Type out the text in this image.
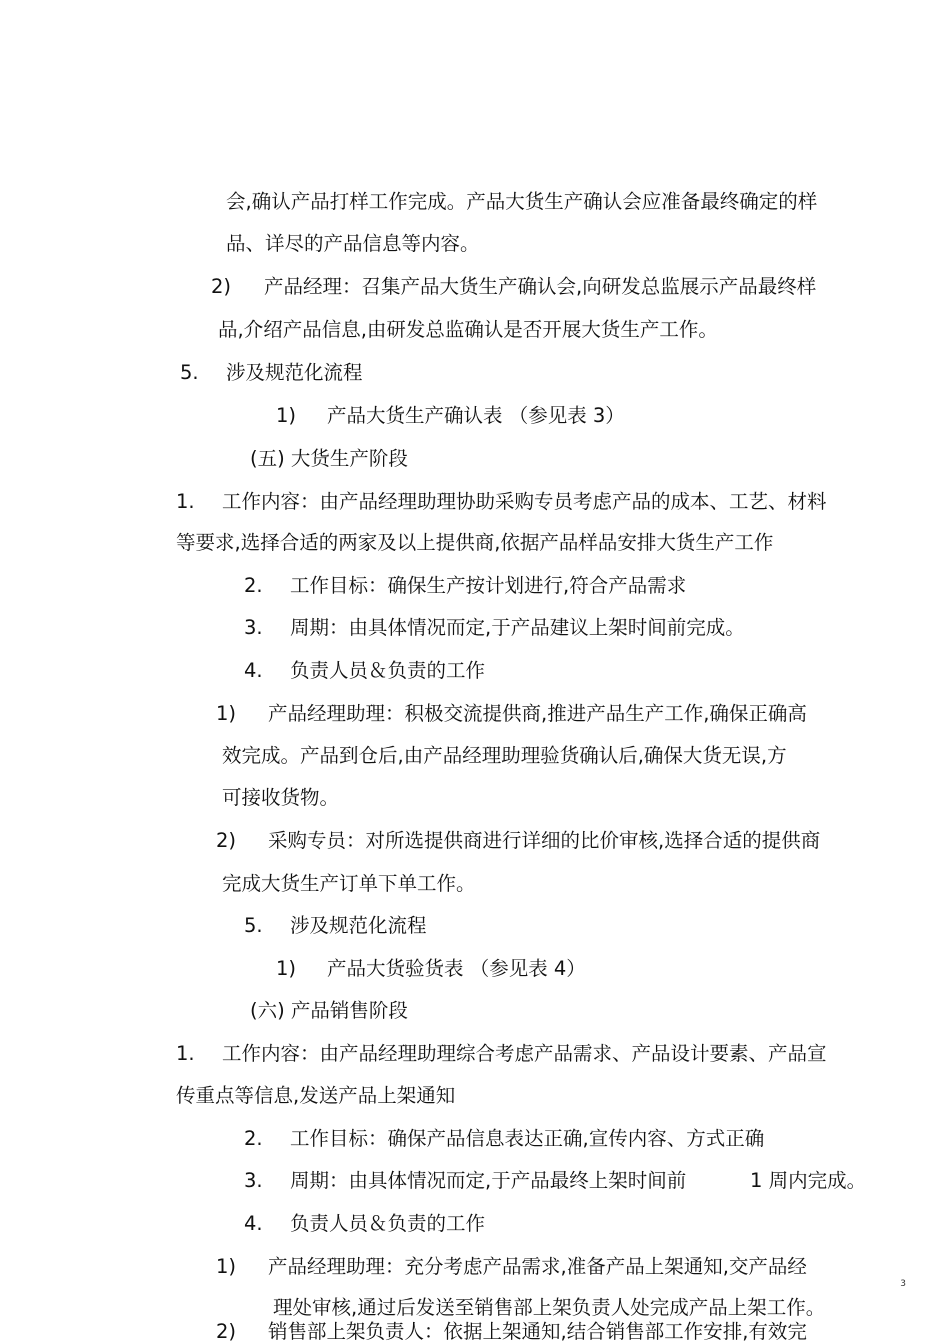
会,确认产品打样工作完成。产品大货生产确认会应准备最终确定的样
品、详尽的产品信息等内容。
2) 产品经理：召集产品大货生产确认会,向研发总监展示产品最终样
品,介绍产品信息,由研发总监确认是否开展大货生产工作。
5. 涉及规范化流程
1) 产品大货生产确认表 （参见表 3）
(五) 大货生产阶段
1. 工作内容：由产品经理助理协助采购专员考虑产品的成本、工艺、材料
等要求,选择合适的两家及以上提供商,依据产品样品安排大货生产工作
2. 工作目标：确保生产按计划进行,符合产品需求
3. 周期：由具体情况而定,于产品建议上架时间前完成。
4. 负责人员＆负责的工作
1) 产品经理助理：积极交流提供商,推进产品生产工作,确保正确高
效完成。产品到仓后,由产品经理助理验货确认后,确保大货无误,方
可接收货物。
2) 采购专员：对所选提供商进行详细的比价审核,选择合适的提供商
完成大货生产订单下单工作。
5. 涉及规范化流程
1) 产品大货验货表 （参见表 4）
(六) 产品销售阶段
1. 工作内容：由产品经理助理综合考虑产品需求、产品设计要素、产品宣
传重点等信息,发送产品上架通知
2. 工作目标：确保产品信息表达正确,宣传内容、方式正确
3. 周期：由具体情况而定,于产品最终上架时间前	1 周内完成。
4. 负责人员＆负责的工作
1) 产品经理助理：充分考虑产品需求,准备产品上架通知,交产品经
理处审核,通过后发送至销售部上架负责人处完成产品上架工作。
2) 销售部上架负责人：依据上架通知,结合销售部工作安排,有效完
3
